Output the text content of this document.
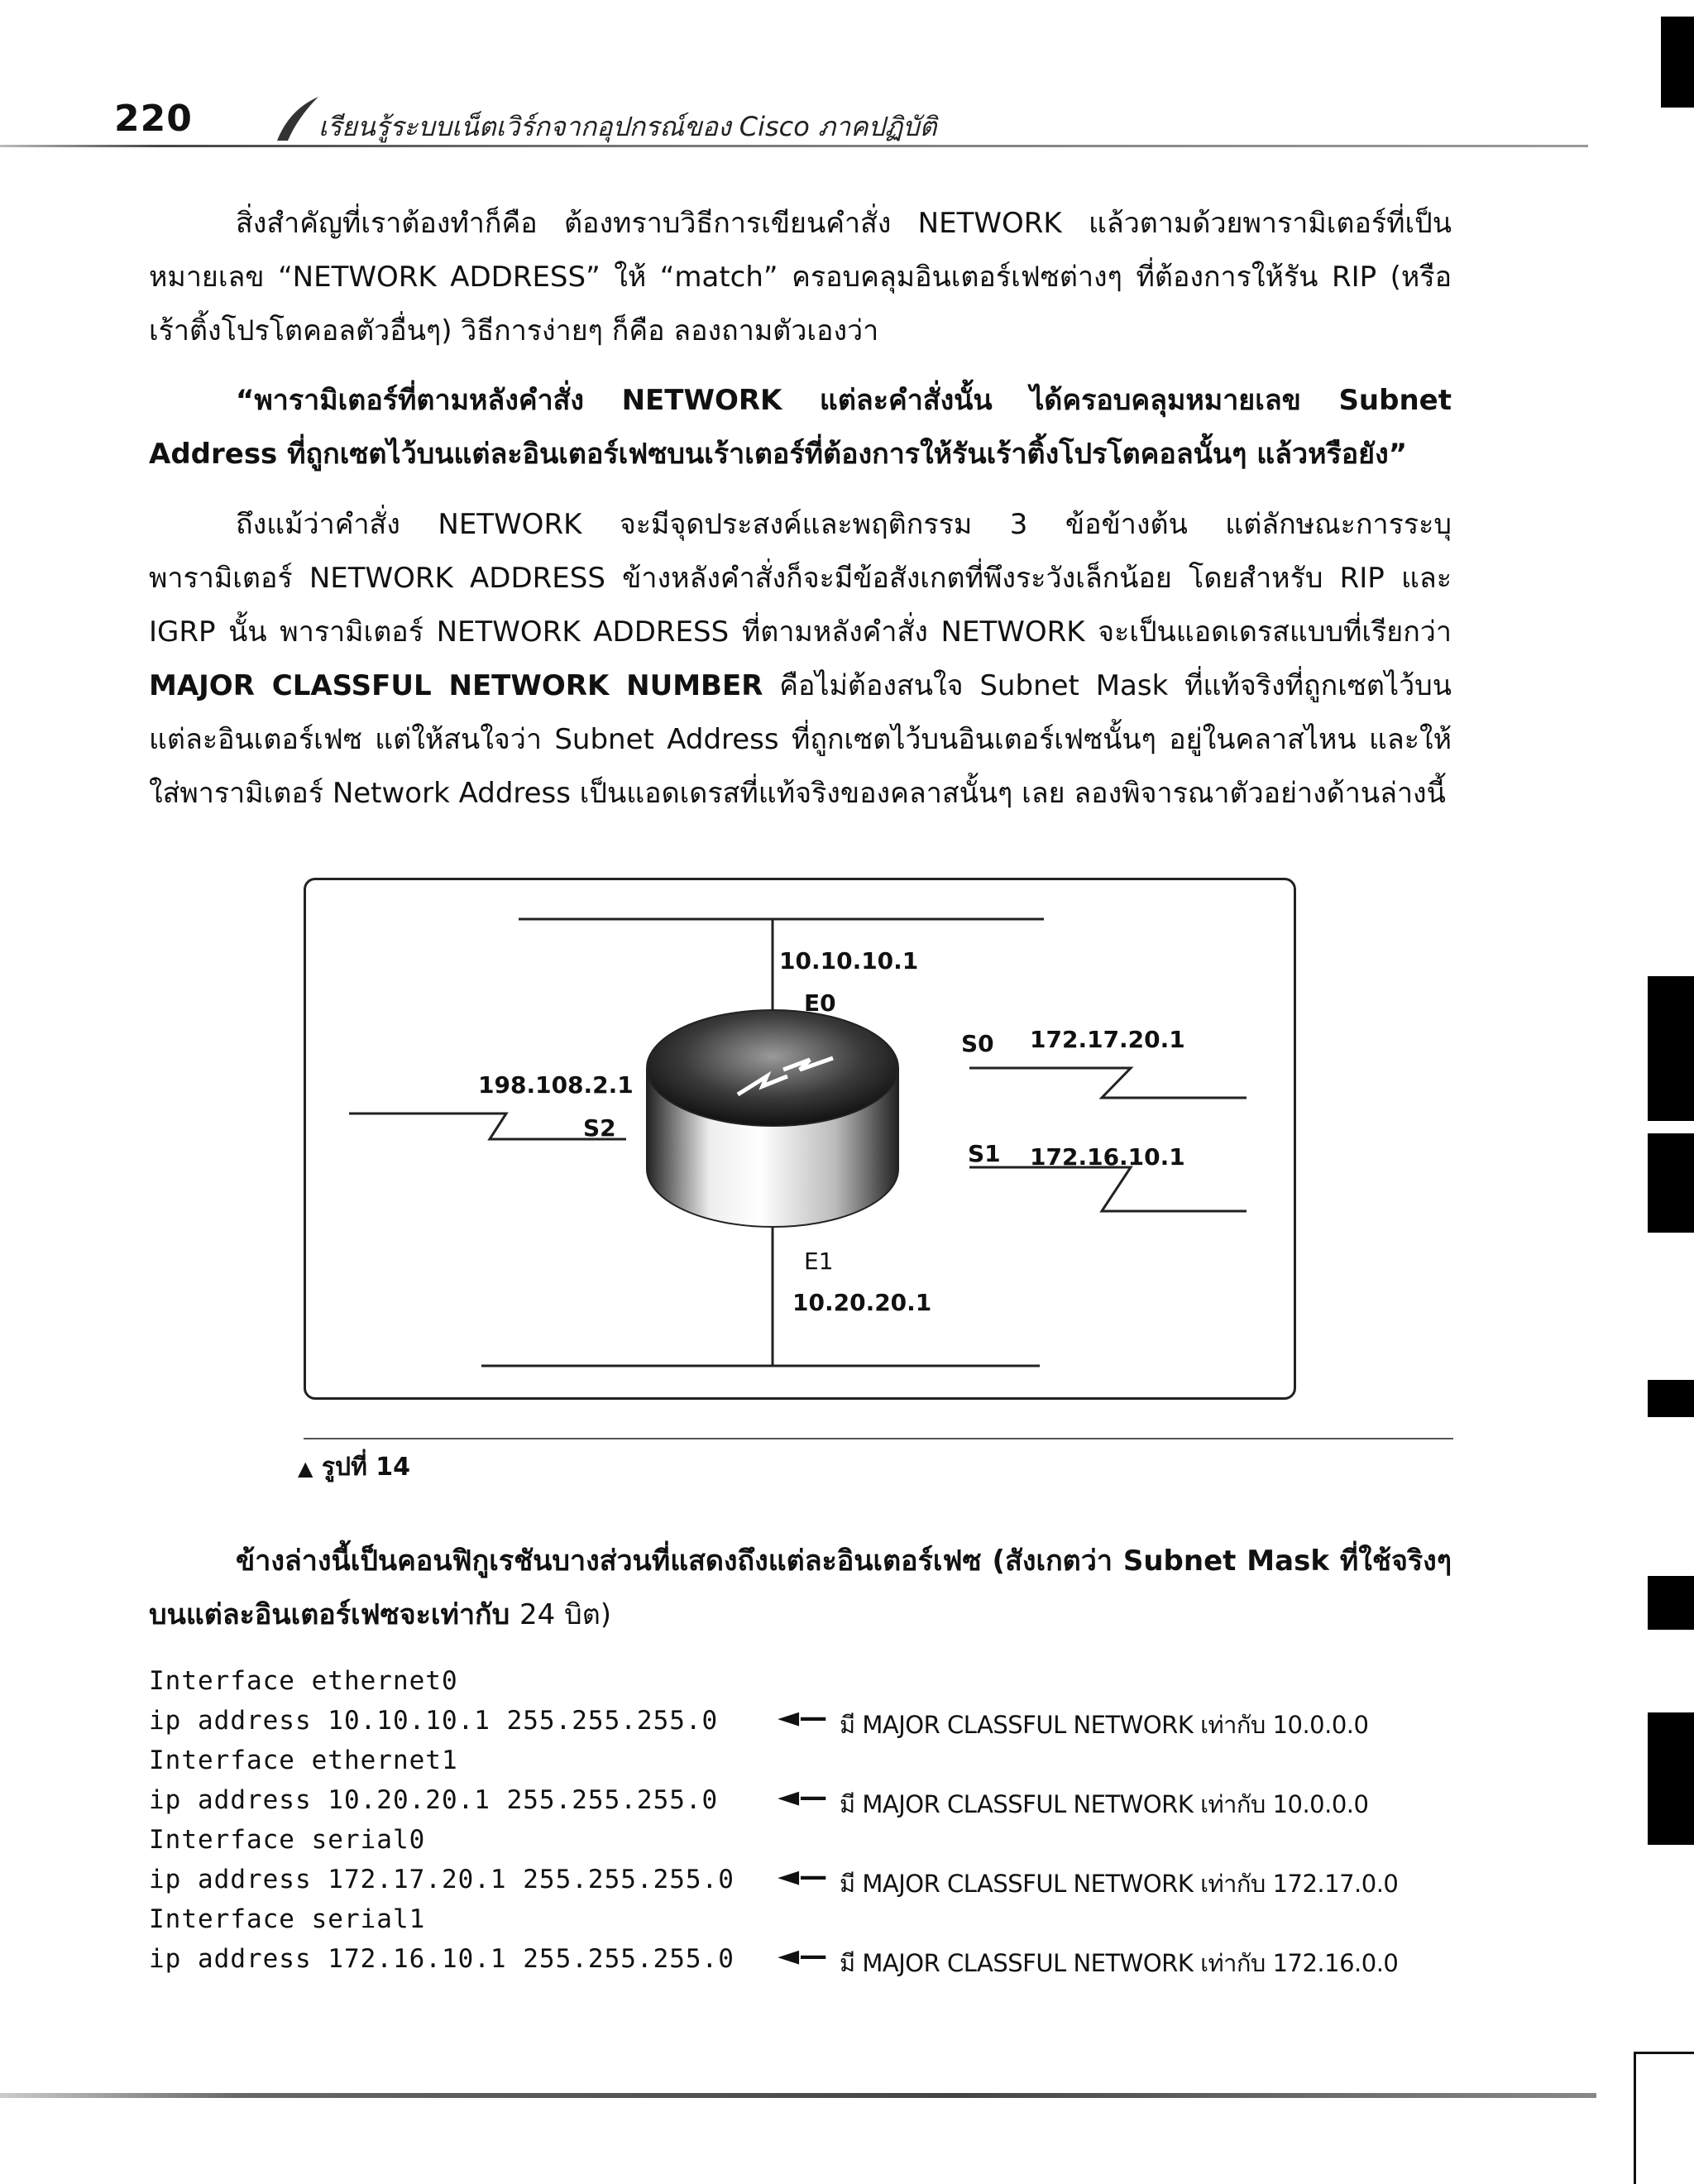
220	เรียนรู้ระบบเน็ตเวิร์กจากอุปกรณ์ของ Cisco ภาคปฏิบัติ
สิ่งสำคัญที่เราต้องทำก็คือ ต้องทราบวิธีการเขียนคำสั่ง NETWORK แล้วตามด้วยพารามิเตอร์ที่เป็นหมายเลข “NETWORK ADDRESS” ให้ “match” ครอบคลุมอินเตอร์เฟซต่างๆ ที่ต้องการให้รัน RIP (หรือเร้าติ้งโปรโตคอลตัวอื่นๆ) วิธีการง่ายๆ ก็คือ ลองถามตัวเองว่า
“พารามิเตอร์ที่ตามหลังคำสั่ง NETWORK แต่ละคำสั่งนั้น ได้ครอบคลุมหมายเลข Subnet Address ที่ถูกเซตไว้บนแต่ละอินเตอร์เฟซบนเร้าเตอร์ที่ต้องการให้รันเร้าติ้งโปรโตคอลนั้นๆ แล้วหรือยัง”
ถึงแม้ว่าคำสั่ง NETWORK จะมีจุดประสงค์และพฤติกรรม 3 ข้อข้างต้น แต่ลักษณะการระบุพารามิเตอร์ NETWORK ADDRESS ข้างหลังคำสั่งก็จะมีข้อสังเกตที่พึงระวังเล็กน้อย โดยสำหรับ RIP และ IGRP นั้น พารามิเตอร์ NETWORK ADDRESS ที่ตามหลังคำสั่ง NETWORK จะเป็นแอดเดรสแบบที่เรียกว่า MAJOR CLASSFUL NETWORK NUMBER คือไม่ต้องสนใจ Subnet Mask ที่แท้จริงที่ถูกเซตไว้บนแต่ละอินเตอร์เฟซ แต่ให้สนใจว่า Subnet Address ที่ถูกเซตไว้บนอินเตอร์เฟซนั้นๆ อยู่ในคลาสไหน และให้ใส่พารามิเตอร์ Network Address เป็นแอดเดรสที่แท้จริงของคลาสนั้นๆ เลย ลองพิจารณาตัวอย่างด้านล่างนี้
10.10.10.1
E0
S0 172.17.20.1
198.108.2.1
S2
S1 172.16.10.1
E1
10.20.20.1
▲ รูปที่ 14
ข้างล่างนี้เป็นคอนฟิกูเรชันบางส่วนที่แสดงถึงแต่ละอินเตอร์เฟซ (สังเกตว่า Subnet Mask ที่ใช้จริงๆ บนแต่ละอินเตอร์เฟซจะเท่ากับ 24 บิต)
Interface ethernet0
ip address 10.10.10.1 255.255.255.0 ◄— มี MAJOR CLASSFUL NETWORK เท่ากับ 10.0.0.0
Interface ethernet1
ip address 10.20.20.1 255.255.255.0 ◄— มี MAJOR CLASSFUL NETWORK เท่ากับ 10.0.0.0
Interface serial0
ip address 172.17.20.1 255.255.255.0 ◄— มี MAJOR CLASSFUL NETWORK เท่ากับ 172.17.0.0
Interface serial1
ip address 172.16.10.1 255.255.255.0 ◄— มี MAJOR CLASSFUL NETWORK เท่ากับ 172.16.0.0
